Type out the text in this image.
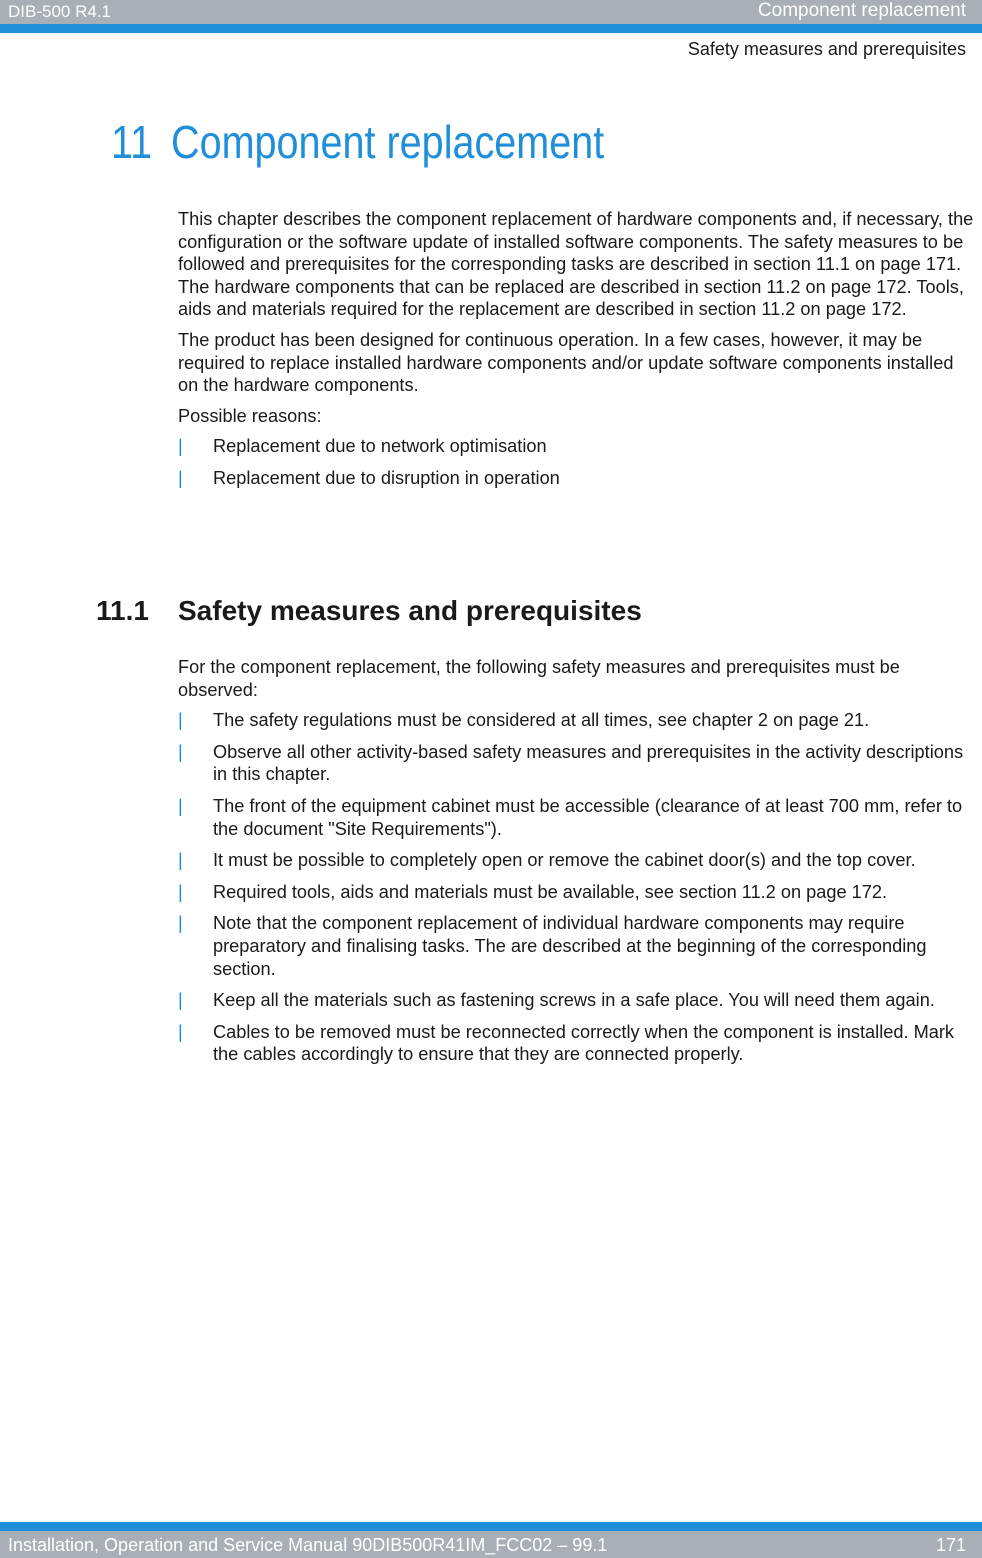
DIB-500 R4.1	Component replacement
Safety measures and prerequisites
11 Component replacement

This chapter describes the component replacement of hardware components and, if necessary, the configuration or the software update of installed software components. The safety measures to be followed and prerequisites for the corresponding tasks are described in section 11.1 on page 171. The hardware components that can be replaced are described in section 11.2 on page 172. Tools, aids and materials required for the replacement are described in section 11.2 on page 172.

The product has been designed for continuous operation. In a few cases, however, it may be required to replace installed hardware components and/or update software components installed on the hardware components.

Possible reasons:

| Replacement due to network optimisation
| Replacement due to disruption in operation
11.1 Safety measures and prerequisites

For the component replacement, the following safety measures and prerequisites must be observed:

| The safety regulations must be considered at all times, see chapter 2 on page 21.
| Observe all other activity-based safety measures and prerequisites in the activity descriptions in this chapter.
| The front of the equipment cabinet must be accessible (clearance of at least 700 mm, refer to the document "Site Requirements").
| It must be possible to completely open or remove the cabinet door(s) and the top cover.
| Required tools, aids and materials must be available, see section 11.2 on page 172.
| Note that the component replacement of individual hardware components may require preparatory and finalising tasks. The are described at the beginning of the corresponding section.
| Keep all the materials such as fastening screws in a safe place. You will need them again.
| Cables to be removed must be reconnected correctly when the component is installed. Mark the cables accordingly to ensure that they are connected properly.
Installation, Operation and Service Manual 90DIB500R41IM_FCC02 – 99.1	171
